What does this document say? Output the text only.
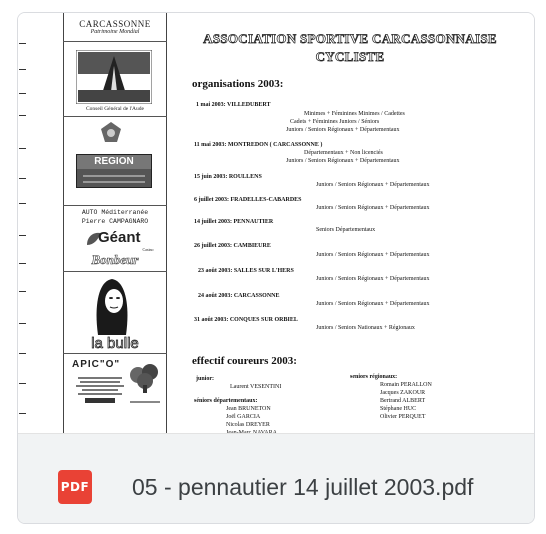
CARCASSONNE
Patrimoine Mondial
Conseil Général de l'Aude
REGION
AUTO Méditerranée
Pierre CAMPAGNARO
Géant
Casino
Bonbeur
la bulle
APIC"O"
ASSOCIATION SPORTIVE CARCASSONNAISE
CYCLISTE
organisations 2003:
1 mai 2003: VILLEDUBERT
Minimes + Féminines Minimes / Cadettes
Cadets + Féminines Juniors / Séniors
Juniors / Seniors Régionaux + Départementaux
11 mai 2003: MONTREDON ( CARCASSONNE )
Départementaux + Non licenciés
Juniors / Seniors Régionaux + Départementaux
15 juin 2003: ROULLENS
Juniors / Seniors Régionaux + Départementaux
6 juillet 2003: FRADELLES-CABARDES
Juniors / Seniors Régionaux + Départementaux
14 juillet 2003: PENNAUTIER
Seniors Départementaux
26 juillet 2003: CAMBIEURE
Juniors / Seniors Régionaux + Départementaux
23 août 2003: SALLES SUR L'HERS
Juniors / Seniors Régionaux + Départementaux
24 août 2003: CARCASSONNE
Juniors / Seniors Régionaux + Départementaux
31 août 2003: CONQUES SUR ORBIEL
Juniors / Seniors Nationaux + Régionaux
effectif coureurs 2003:
junior:
Laurent VESENTINI
séniors départementaux:
Jean BRUNETON
Joël GARCIA
Nicolas DREYER
Jean-Marc NAVARA
seniors régionaux:
Romain PERALLON
Jacques ZAKOUR
Bertrand ALBERT
Stéphane HUC
Olivier PERQUET
PDF 05 - pennautier 14 juillet 2003.pdf
